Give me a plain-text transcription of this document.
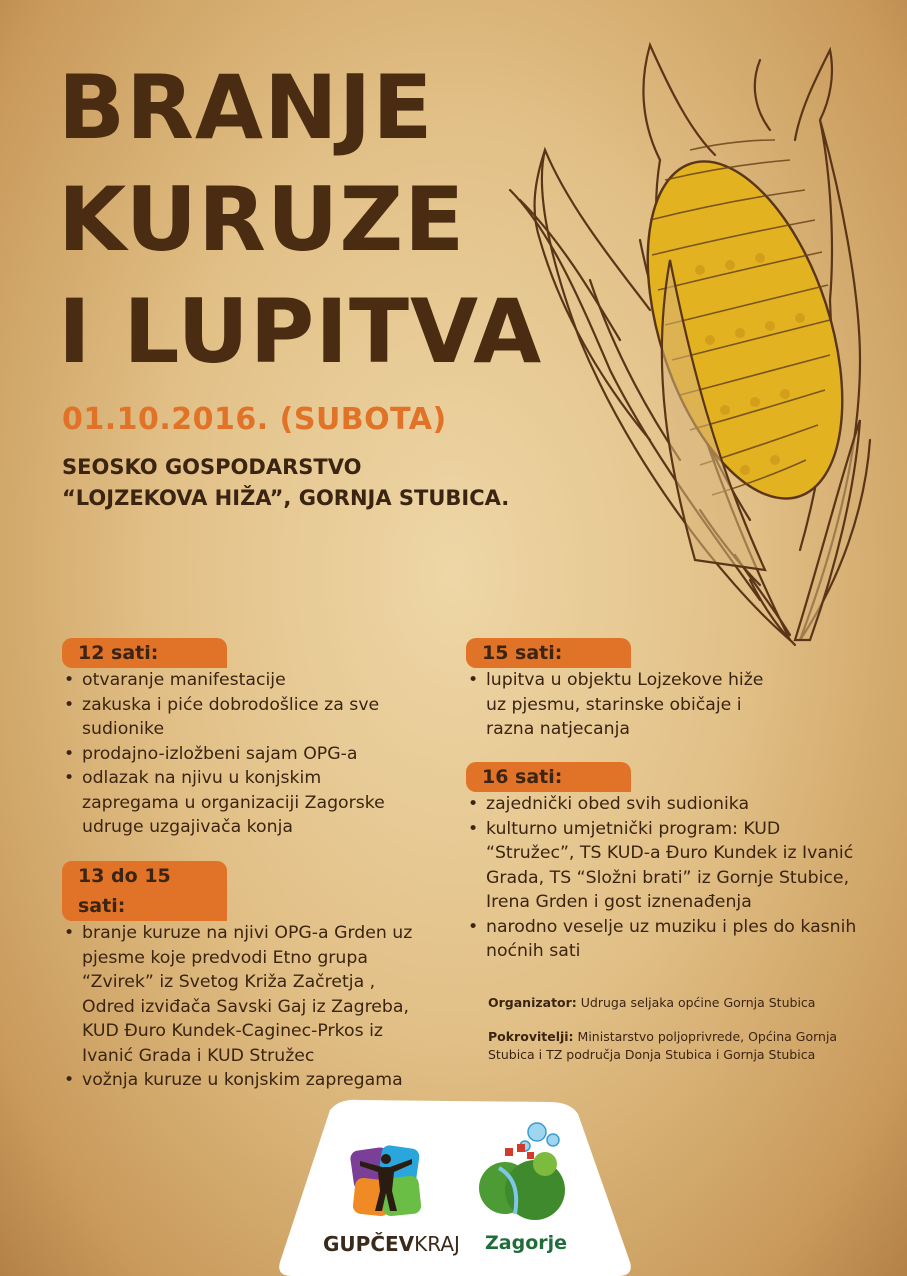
BRANJE
KURUZE
I LUPITVA

01.10.2016. (SUBOTA)

SEOSKO GOSPODARSTVO
“LOJZEKOVA HIŽA”, GORNJA STUBICA.

12 sati:
• otvaranje manifestacije
• zakuska i piće dobrodošlice za sve sudionike
• prodajno-izložbeni sajam OPG-a
• odlazak na njivu u konjskim zapregama u organizaciji Zagorske udruge uzgajivača konja
13 do 15 sati:
• branje kuruze na njivi OPG-a Grden uz pjesme koje predvodi Etno grupa “Zvirek” iz Svetog Križa Začretja , Odred izviđača Savski Gaj iz Zagreba, KUD Đuro Kundek-Caginec-Prkos iz Ivanić Grada i KUD Stružec
• vožnja kuruze u konjskim zapregama
15 sati:
• lupitva u objektu Lojzekove hiže uz pjesmu, starinske običaje i razna natjecanja
16 sati:
• zajednički obed svih sudionika
• kulturno umjetnički program: KUD “Stružec”, TS KUD-a Đuro Kundek iz Ivanić Grada, TS “Složni brati” iz Gornje Stubice, Irena Grden i gost iznenađenja
• narodno veselje uz muziku i ples do kasnih noćnih sati

Organizator: Udruga seljaka općine Gornja Stubica

Pokrovitelji: Ministarstvo poljoprivrede, Općina Gornja Stubica i TZ područja Donja Stubica i Gornja Stubica

GUPČEVKRAJ Zagorje
